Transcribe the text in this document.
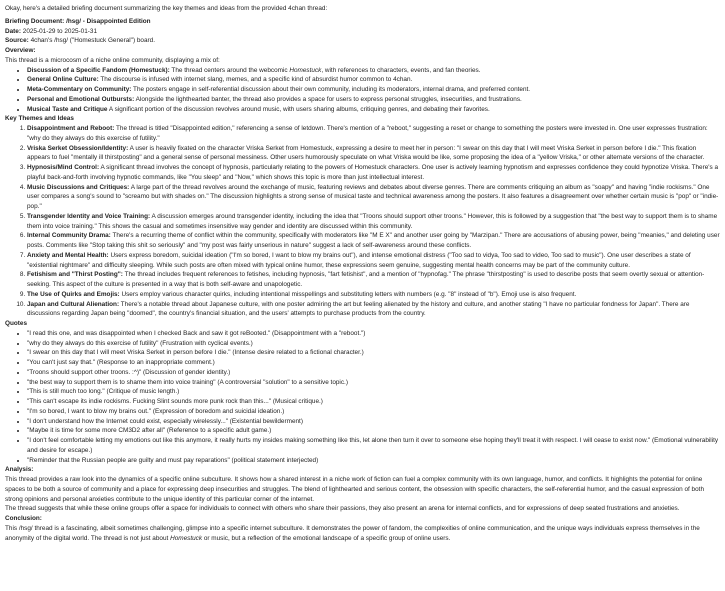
Okay, here's a detailed briefing document summarizing the key themes and ideas from the provided 4chan thread:

Briefing Document: /hsg/ - Disappointed Edition

Date: 2025-01-29 to 2025-01-31

Source: 4chan's /hsg/ ("Homestuck General") board.

Overview:

This thread is a microcosm of a niche online community, displaying a mix of:

• Discussion of a Specific Fandom (Homestuck): The thread centers around the webcomic Homestuck, with references to characters, events, and fan theories.
• General Online Culture: The discourse is infused with internet slang, memes, and a specific kind of absurdist humor common to 4chan.
• Meta-Commentary on Community: The posters engage in self-referential discussion about their own community, including its moderators, internal drama, and preferred content.
• Personal and Emotional Outbursts: Alongside the lighthearted banter, the thread also provides a space for users to express personal struggles, insecurities, and frustrations.
• Musical Taste and Critique A significant portion of the discussion revolves around music, with users sharing albums, critiquing genres, and debating their favorites.

Key Themes and Ideas

1. Disappointment and Reboot: The thread is titled "Disappointed edition," referencing a sense of letdown. There's mention of a "reboot," suggesting a reset or change to something the posters were invested in. One user expresses frustration: "why do they always do this exercise of futility."
2. Vriska Serket Obsession/Identity: A user is heavily fixated on the character Vriska Serket from Homestuck, expressing a desire to meet her in person: "I swear on this day that I will meet Vriska Serket in person before I die." This fixation appears to fuel "mentally ill thirstposting" and a general sense of personal messiness. Other users humorously speculate on what Vriska would be like, some proposing the idea of a "yellow Vriska," or other alternate versions of the character.
3. Hypnosis/Mind Control: A significant thread involves the concept of hypnosis, particularly relating to the powers of Homestuck characters. One user is actively learning hypnotism and expresses confidence they could hypnotize Vriska. There's a playful back-and-forth involving hypnotic commands, like "You sleep" and "Now," which shows this topic is more than just intellectual interest.
4. Music Discussions and Critiques: A large part of the thread revolves around the exchange of music, featuring reviews and debates about diverse genres. There are comments critiquing an album as "soapy" and having "indie rockisms." One user compares a song's sound to "screamo but with shades on." The discussion highlights a strong sense of musical taste and technical awareness among the posters. It also features a disagreement over whether certain music is "pop" or "indie-pop."
5. Transgender Identity and Voice Training: A discussion emerges around transgender identity, including the idea that "Troons should support other troons." However, this is followed by a suggestion that "the best way to support them is to shame them into voice training." This shows the casual and sometimes insensitive way gender and identity are discussed within this community.
6. Internal Community Drama: There's a recurring theme of conflict within the community, specifically with moderators like "M E X" and another user going by "Marzipan." There are accusations of abusing power, being "meanies," and deleting user posts. Comments like "Stop taking this shit so seriously" and "my post was fairly unserious in nature" suggest a lack of self-awareness around these conflicts.
7. Anxiety and Mental Health: Users express boredom, suicidal ideation ("I'm so bored, I want to blow my brains out"), and intense emotional distress ("Too sad to vidya, Too sad to video, Too sad to music"). One user describes a state of "existential nightmare" and difficulty sleeping. While such posts are often mixed with typical online humor, these expressions seem genuine, suggesting mental health concerns may be part of the community culture.
8. Fetishism and "Thirst Posting": The thread includes frequent references to fetishes, including hypnosis, "fart fetishist", and a mention of "hypnofag." The phrase "thirstposting" is used to describe posts that seem overtly sexual or attention-seeking. This aspect of the culture is presented in a way that is both self-aware and unapologetic.
9. The Use of Quirks and Emojis: Users employ various character quirks, including intentional misspellings and substituting letters with numbers (e.g. "8" instead of "b"). Emoji use is also frequent.
10. Japan and Cultural Alienation: There's a notable thread about Japanese culture, with one poster admiring the art but feeling alienated by the history and culture, and another stating "I have no particular fondness for Japan". There are discussions regarding Japan being "doomed", the country's financial situation, and the users' attempts to purchase products from the country.

Quotes

• "I read this one, and was disappointed when I checked Back and saw it got reBooted." (Disappointment with a "reboot.")
• "why do they always do this exercise of futility" (Frustration with cyclical events.)
• "I swear on this day that I will meet Vriska Serket in person before I die." (Intense desire related to a fictional character.)
• "You can't just say that." (Response to an inappropriate comment.)
• "Troons should support other troons. :^)" (Discussion of gender identity.)
• "the best way to support them is to shame them into voice training" (A controversial "solution" to a sensitive topic.)
• "This is still much too long." (Critique of music length.)
• "This can't escape its indie rockisms. Fucking Slint sounds more punk rock than this..." (Musical critique.)
• "I'm so bored, I want to blow my brains out." (Expression of boredom and suicidal ideation.)
• "I don't understand how the Internet could exist, especially wirelessly..." (Existential bewilderment)
• "Maybe it is time for some more CM3D2 after all" (Reference to a specific adult game.)
• "I don't feel comfortable letting my emotions out like this anymore, it really hurts my insides making something like this, let alone then turn it over to someone else hoping they'll treat it with respect. I will cease to exist now." (Emotional vulnerability and desire for escape.)
• "Reminder that the Russian people are guilty and must pay reparations" (political statement interjected)

Analysis:

This thread provides a raw look into the dynamics of a specific online subculture. It shows how a shared interest in a niche work of fiction can fuel a complex community with its own language, humor, and conflicts. It highlights the potential for online spaces to be both a source of community and a place for expressing deep insecurities and struggles. The blend of lighthearted and serious content, the obsession with specific characters, the self-referential humor, and the casual expression of both strong opinions and personal anxieties contribute to the unique identity of this particular corner of the internet.

The thread suggests that while these online groups offer a space for individuals to connect with others who share their passions, they also present an arena for internal conflicts, and for expressions of deep seated frustrations and anxieties.

Conclusion:

This /hsg/ thread is a fascinating, albeit sometimes challenging, glimpse into a specific internet subculture. It demonstrates the power of fandom, the complexities of online communication, and the unique ways individuals express themselves in the anonymity of the digital world. The thread is not just about Homestuck or music, but a reflection of the emotional landscape of a specific group of online users.
